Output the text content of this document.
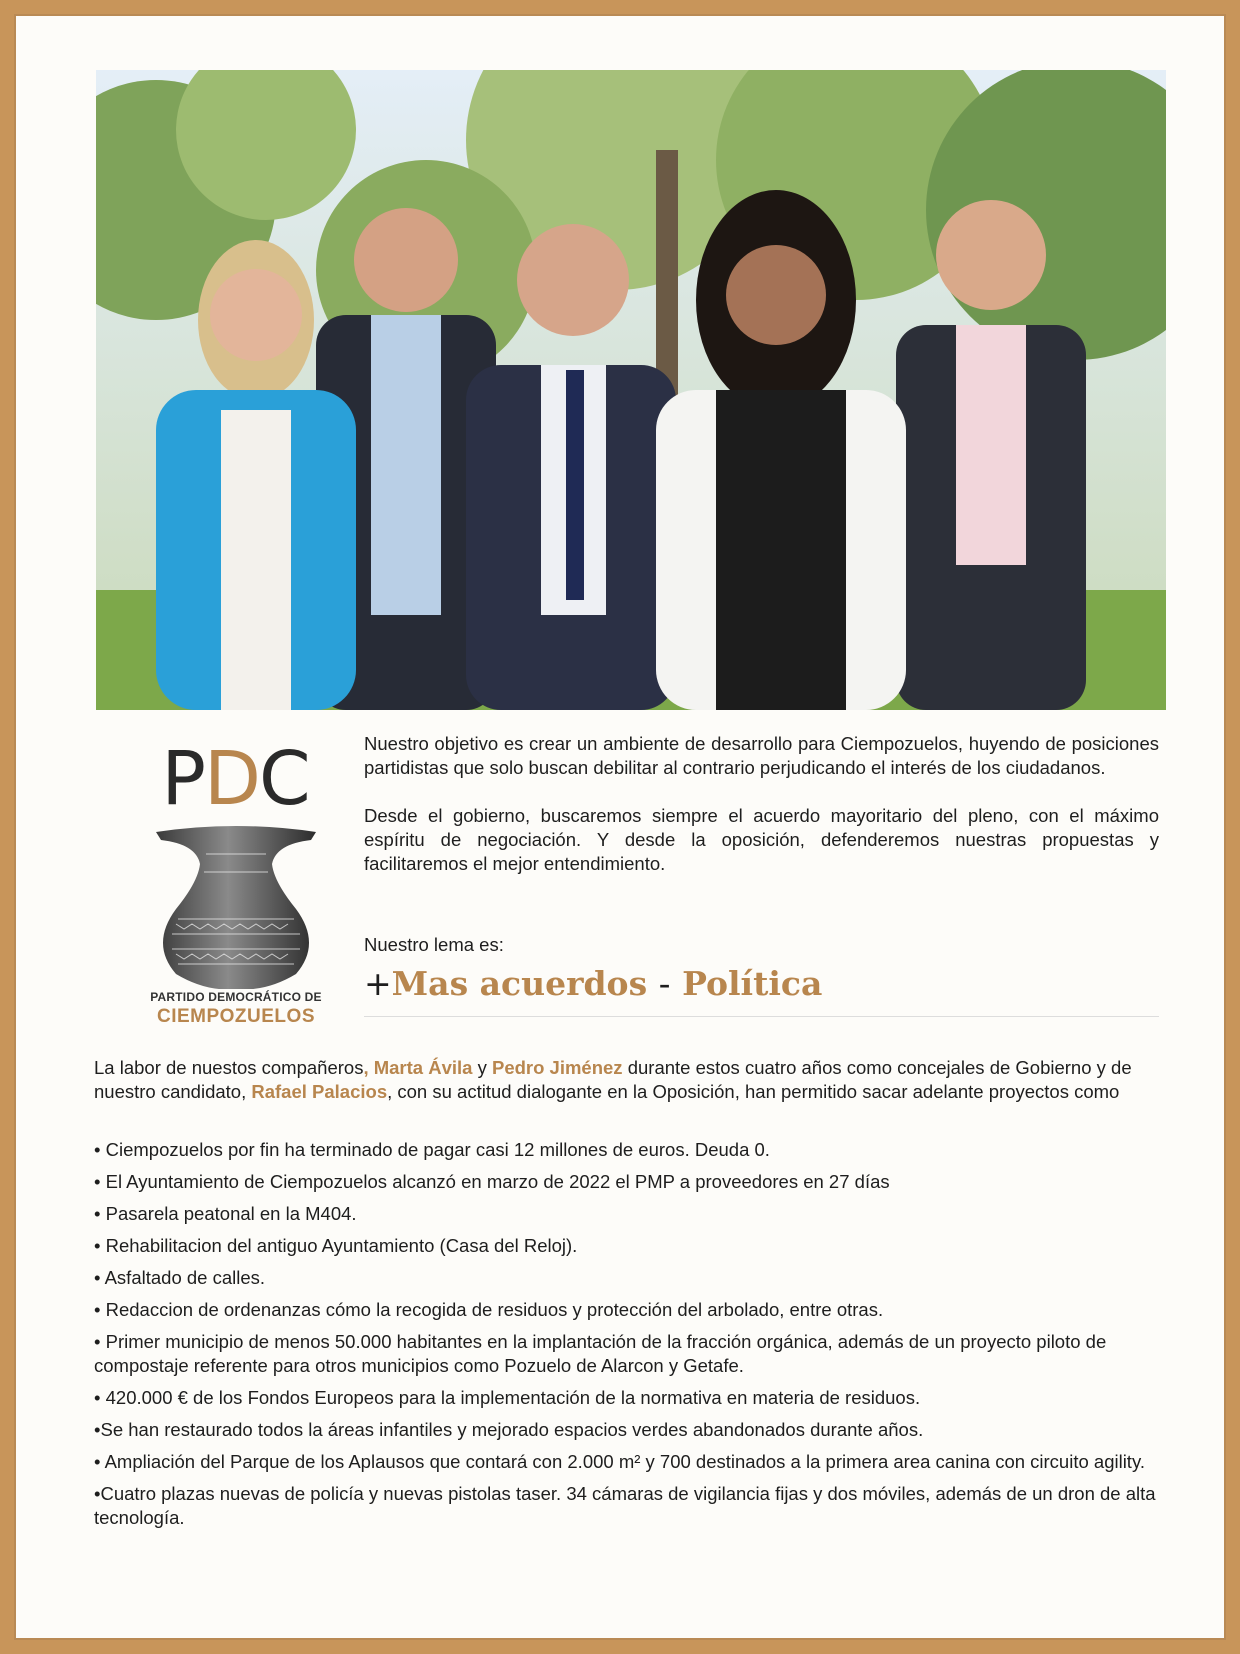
PDC
PARTIDO DEMOCRÁTICO DE
CIEMPOZUELOS

Nuestro objetivo es crear un ambiente de desarrollo para Ciempozuelos, huyendo de posiciones partidistas que solo buscan debilitar al contrario perjudicando el interés de los ciudadanos.

Desde el gobierno, buscaremos siempre el acuerdo mayoritario del pleno, con el máximo espíritu de negociación. Y desde la oposición, defenderemos nuestras propuestas y facilitaremos el mejor entendimiento.

Nuestro lema es:
+Mas acuerdos - Política
La labor de nuestos compañeros, Marta Ávila y Pedro Jiménez durante estos cuatro años como concejales de Gobierno y de nuestro candidato, Rafael Palacios, con su actitud dialogante en la Oposición, han permitido sacar adelante proyectos como
• Ciempozuelos por fin ha terminado de pagar casi 12 millones de euros. Deuda 0.
• El Ayuntamiento de Ciempozuelos alcanzó en marzo de 2022 el PMP a proveedores en 27 días
• Pasarela peatonal en la M404.
• Rehabilitacion del antiguo Ayuntamiento (Casa del Reloj).
• Asfaltado de calles.
• Redaccion de ordenanzas cómo la recogida de residuos y protección del arbolado, entre otras.
• Primer municipio de menos 50.000 habitantes en la implantación de la fracción orgánica, además de un proyecto piloto de compostaje referente para otros municipios como Pozuelo de Alarcon y Getafe.
• 420.000 € de los Fondos Europeos para la implementación de la normativa en materia de residuos.
•Se han restaurado todos la áreas infantiles y mejorado espacios verdes abandonados durante años.
• Ampliación del Parque de los Aplausos que contará con 2.000 m² y 700 destinados a la primera area canina con circuito agility.
•Cuatro plazas nuevas de policía y nuevas pistolas taser. 34 cámaras de vigilancia fijas y dos móviles, además de un dron de alta tecnología.
